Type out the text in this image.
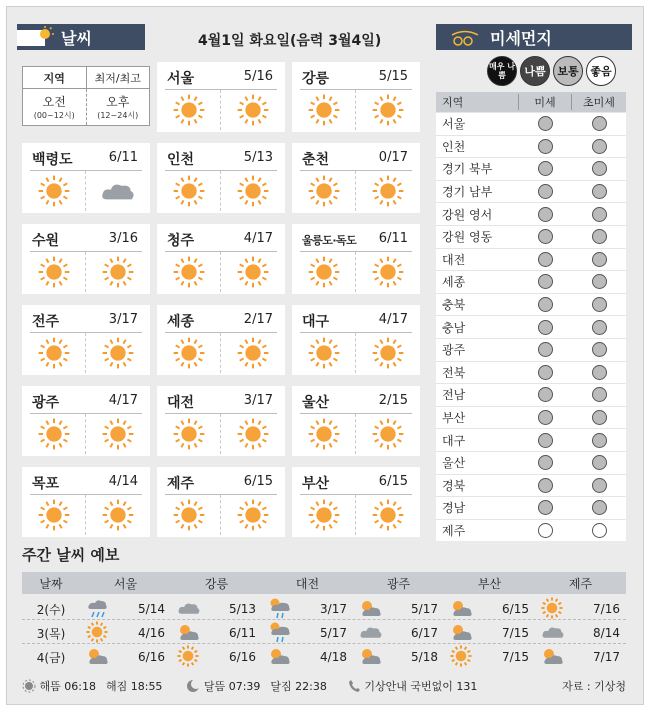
날씨	4월1일 화요일(음력 3월4일)	미세먼지
지역	최저/최고
오전
(00~12시)
오후
(12~24시)
서울	5/16 강릉	5/15
백령도	6/11 인천	5/13 춘천	0/17
수원	3/16 청주	4/17	울릉도·독도 6/11
전주	3/17 세종	2/17 대구	4/17
광주	4/17 대전	3/17 울산	2/15
목포	4/14 제주	6/15 부산	6/15
매우 나쁨	나쁨	보통	좋음
지역	미세	초미세
서울
인천
경기 북부
경기 남부
강원 영서
강원 영동
대전
세종
충북
충남
광주
전북
전남
부산
대구
울산
경북
경남
제주
주간 날씨 예보
날짜	서울	강릉	대전	광주	부산	제주
2(수)	5/14	5/13	3/17	5/17	6/15	7/16
3(목)	4/16	6/11	5/17	6/17	7/15	8/14
4(금)	6/16	6/16	4/18	5/18	7/15	7/17

해뜸
06:18 해짐
18:55
	달뜸
07:39 달짐
22:38
	기상안내 국번없이 131	자료 : 기상청
